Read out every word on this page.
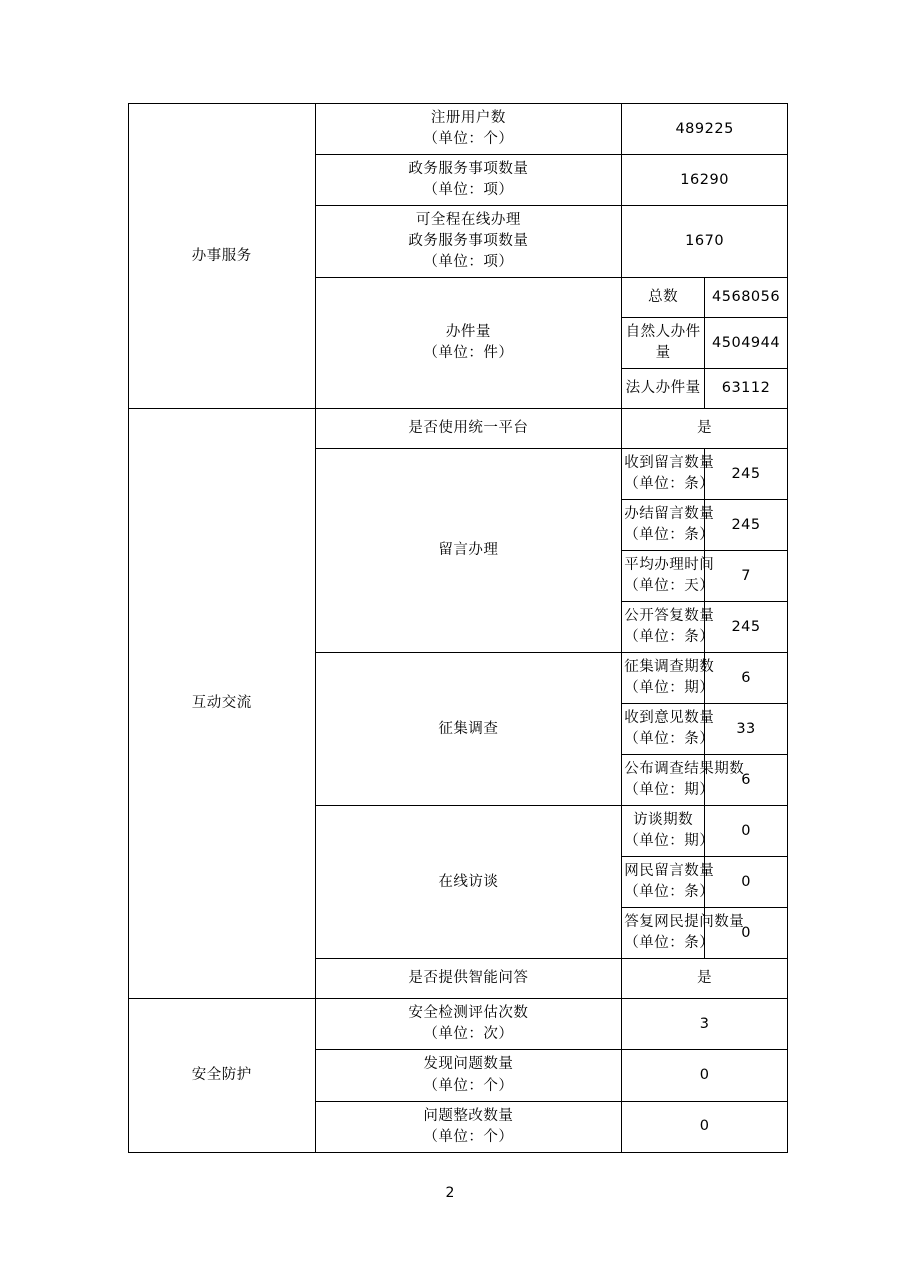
办事服务	注册用户数
（单位：个）	489225	

	政务服务事项数量
（单位：项）	16290	

	可全程在线办理
政务服务事项数量
（单位：项）	1670	

	办件量
（单位：件）	总数	4568056
		自然人办件量	4504944
		法人办件量	63112
互动交流	是否使用统一平台	是	
	留言办理	收到留言数量
（单位：条）	245

		办结留言数量
（单位：条）	245

		平均办理时间
（单位：天）	7

		公开答复数量
（单位：条）	245
	征集调查	征集调查期数
（单位：期）	6

		收到意见数量
（单位：条）	33

		公布调查结果期数
（单位：期）	6
	在线访谈	访谈期数
（单位：期）	0

		网民留言数量
（单位：条）	0

		答复网民提问数量
（单位：条）	0
	是否提供智能问答	是	
安全防护	安全检测评估次数
（单位：次）	3	

	发现问题数量
（单位：个）	0	

	问题整改数量
（单位：个）	0	
2
